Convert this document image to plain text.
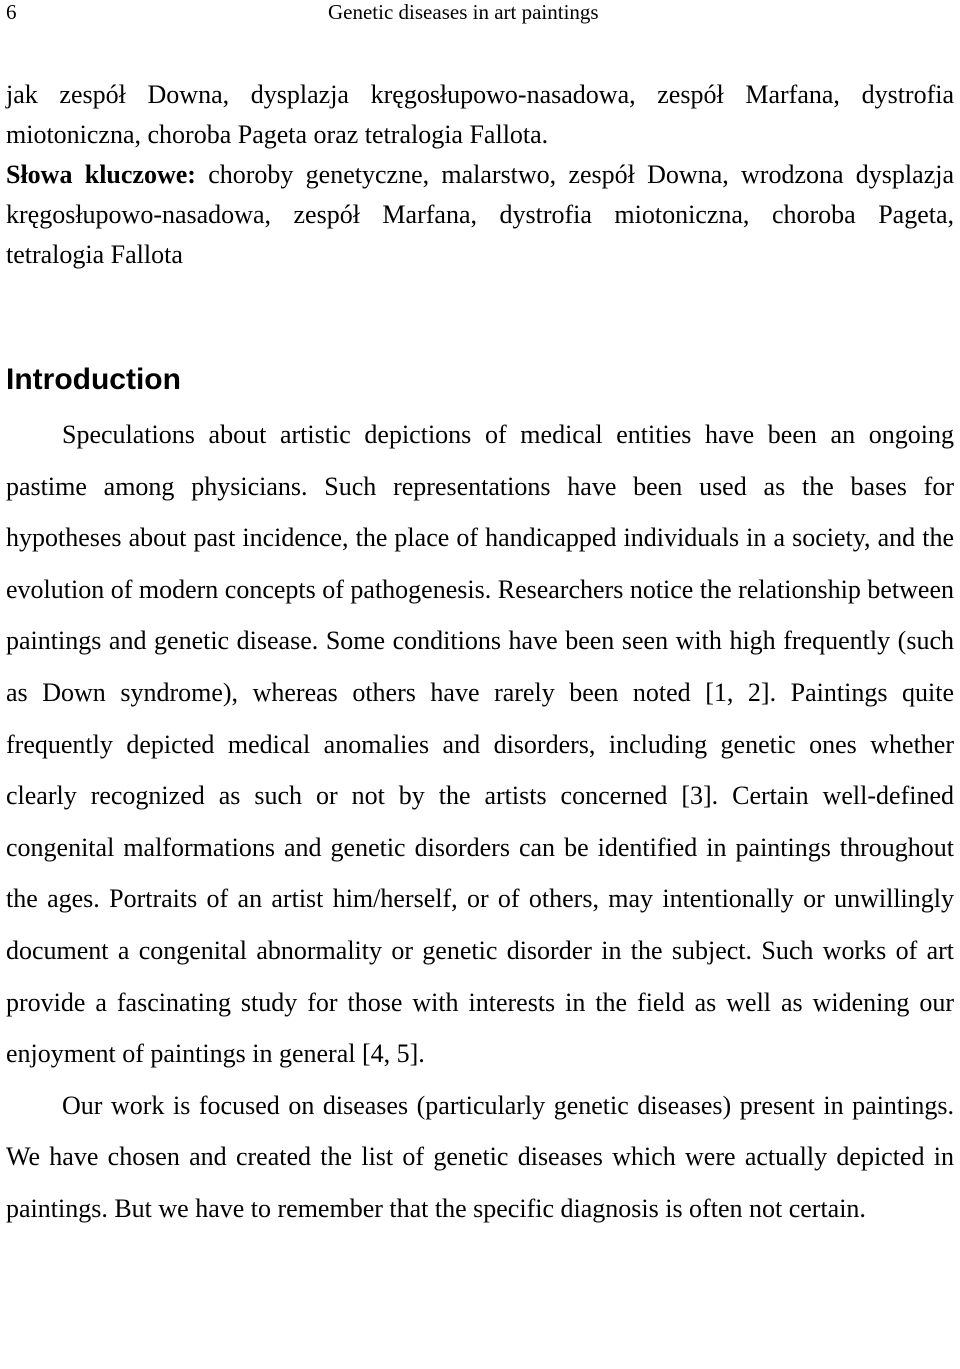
6	Genetic diseases in art paintings

jak zespół Downa, dysplazja kręgosłupowo-nasadowa, zespół Marfana, dystrofia miotoniczna, choroba Pageta oraz tetralogia Fallota.

Słowa kluczowe: choroby genetyczne, malarstwo, zespół Downa, wrodzona dysplazja kręgosłupowo-nasadowa, zespół Marfana, dystrofia miotoniczna, choroba Pageta, tetralogia Fallota

Introduction

Speculations about artistic depictions of medical entities have been an ongoing pastime among physicians. Such representations have been used as the bases for hypotheses about past incidence, the place of handicapped individuals in a society, and the evolution of modern concepts of pathogenesis. Researchers notice the relationship between paintings and genetic disease. Some conditions have been seen with high frequently (such as Down syndrome), whereas others have rarely been noted [1, 2]. Paintings quite frequently depicted medical anomalies and disorders, including genetic ones whether clearly recognized as such or not by the artists concerned [3]. Certain well-defined congenital malformations and genetic disorders can be identified in paintings throughout the ages. Portraits of an artist him/herself, or of others, may intentionally or unwillingly document a congenital abnormality or genetic disorder in the subject. Such works of art provide a fascinating study for those with interests in the field as well as widening our enjoyment of paintings in general [4, 5].

Our work is focused on diseases (particularly genetic diseases) present in paintings. We have chosen and created the list of genetic diseases which were actually depicted in paintings. But we have to remember that the specific diagnosis is often not certain.
